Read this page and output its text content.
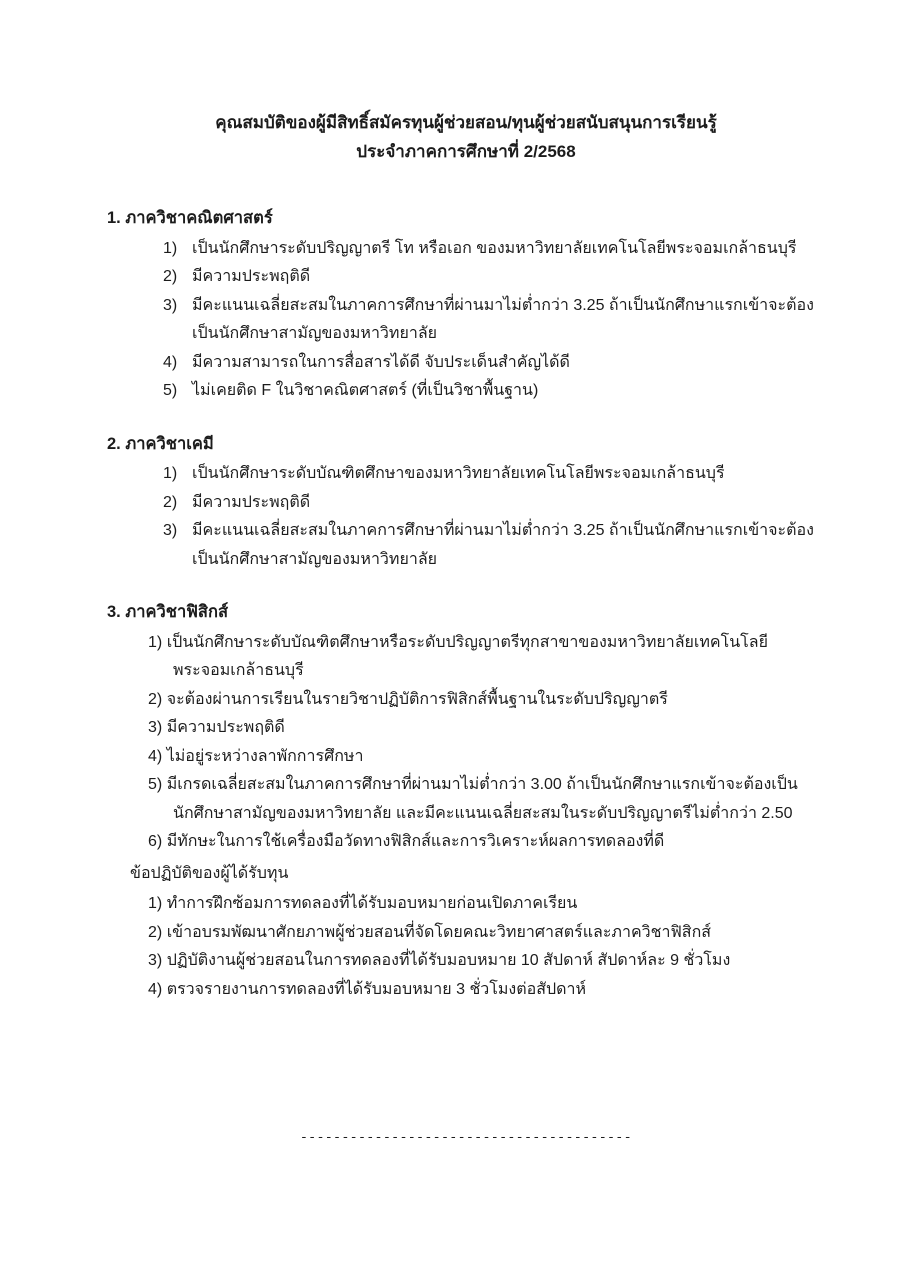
คุณสมบัติของผู้มีสิทธิ์สมัครทุนผู้ช่วยสอน/ทุนผู้ช่วยสนับสนุนการเรียนรู้
ประจำภาคการศึกษาที่ 2/2568
1. ภาควิชาคณิตศาสตร์
1) เป็นนักศึกษาระดับปริญญาตรี โท หรือเอก ของมหาวิทยาลัยเทคโนโลยีพระจอมเกล้าธนบุรี
2) มีความประพฤติดี
3) มีคะแนนเฉลี่ยสะสมในภาคการศึกษาที่ผ่านมาไม่ต่ำกว่า 3.25 ถ้าเป็นนักศึกษาแรกเข้าจะต้องเป็นนักศึกษาสามัญของมหาวิทยาลัย
4) มีความสามารถในการสื่อสารได้ดี จับประเด็นสำคัญได้ดี
5) ไม่เคยติด F ในวิชาคณิตศาสตร์ (ที่เป็นวิชาพื้นฐาน)
2. ภาควิชาเคมี
1) เป็นนักศึกษาระดับบัณฑิตศึกษาของมหาวิทยาลัยเทคโนโลยีพระจอมเกล้าธนบุรี
2) มีความประพฤติดี
3) มีคะแนนเฉลี่ยสะสมในภาคการศึกษาที่ผ่านมาไม่ต่ำกว่า 3.25 ถ้าเป็นนักศึกษาแรกเข้าจะต้องเป็นนักศึกษาสามัญของมหาวิทยาลัย
3. ภาควิชาฟิสิกส์
1) เป็นนักศึกษาระดับบัณฑิตศึกษาหรือระดับปริญญาตรีทุกสาขาของมหาวิทยาลัยเทคโนโลยีพระจอมเกล้าธนบุรี
2) จะต้องผ่านการเรียนในรายวิชาปฏิบัติการฟิสิกส์พื้นฐานในระดับปริญญาตรี
3) มีความประพฤติดี
4) ไม่อยู่ระหว่างลาพักการศึกษา
5) มีเกรดเฉลี่ยสะสมในภาคการศึกษาที่ผ่านมาไม่ต่ำกว่า 3.00 ถ้าเป็นนักศึกษาแรกเข้าจะต้องเป็นนักศึกษาสามัญของมหาวิทยาลัย และมีคะแนนเฉลี่ยสะสมในระดับปริญญาตรีไม่ต่ำกว่า 2.50
6) มีทักษะในการใช้เครื่องมือวัดทางฟิสิกส์และการวิเคราะห์ผลการทดลองที่ดี
ข้อปฏิบัติของผู้ได้รับทุน
1) ทำการฝึกซ้อมการทดลองที่ได้รับมอบหมายก่อนเปิดภาคเรียน
2) เข้าอบรมพัฒนาศักยภาพผู้ช่วยสอนที่จัดโดยคณะวิทยาศาสตร์และภาควิชาฟิสิกส์
3) ปฏิบัติงานผู้ช่วยสอนในการทดลองที่ได้รับมอบหมาย 10 สัปดาห์ สัปดาห์ละ 9 ชั่วโมง
4) ตรวจรายงานการทดลองที่ได้รับมอบหมาย 3 ชั่วโมงต่อสัปดาห์
----------------------------------------
